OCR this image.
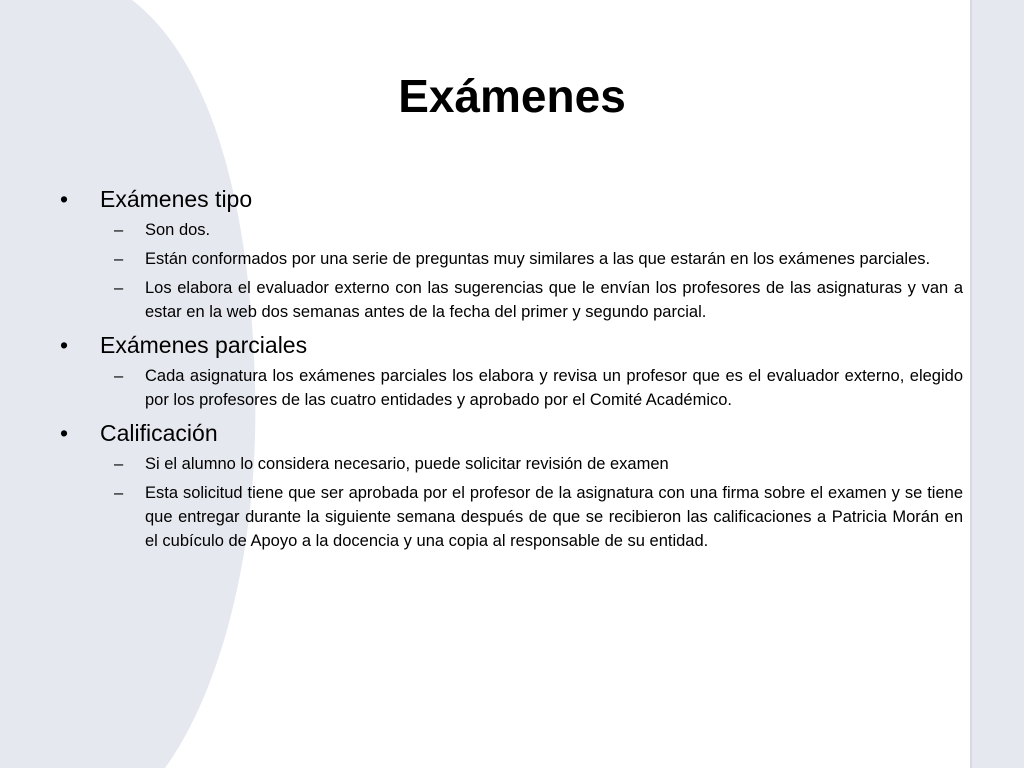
Exámenes
• Exámenes tipo
– Son dos.
– Están conformados por una serie de preguntas muy similares a las que estarán en los exámenes parciales.
– Los elabora el evaluador externo con las sugerencias que le envían los profesores de las asignaturas y van a estar en la web dos semanas antes de la fecha del primer y segundo parcial.
• Exámenes parciales
– Cada asignatura los exámenes parciales los elabora y revisa un profesor que es el evaluador externo, elegido por los profesores de las cuatro entidades y aprobado por el Comité Académico.
• Calificación
– Si el alumno lo considera necesario, puede solicitar revisión de examen
– Esta solicitud tiene que ser aprobada por el profesor de la asignatura con una firma sobre el examen y se tiene que entregar durante la siguiente semana después de que se recibieron las calificaciones a Patricia Morán en el cubículo de Apoyo a la docencia y una copia al responsable de su entidad.
